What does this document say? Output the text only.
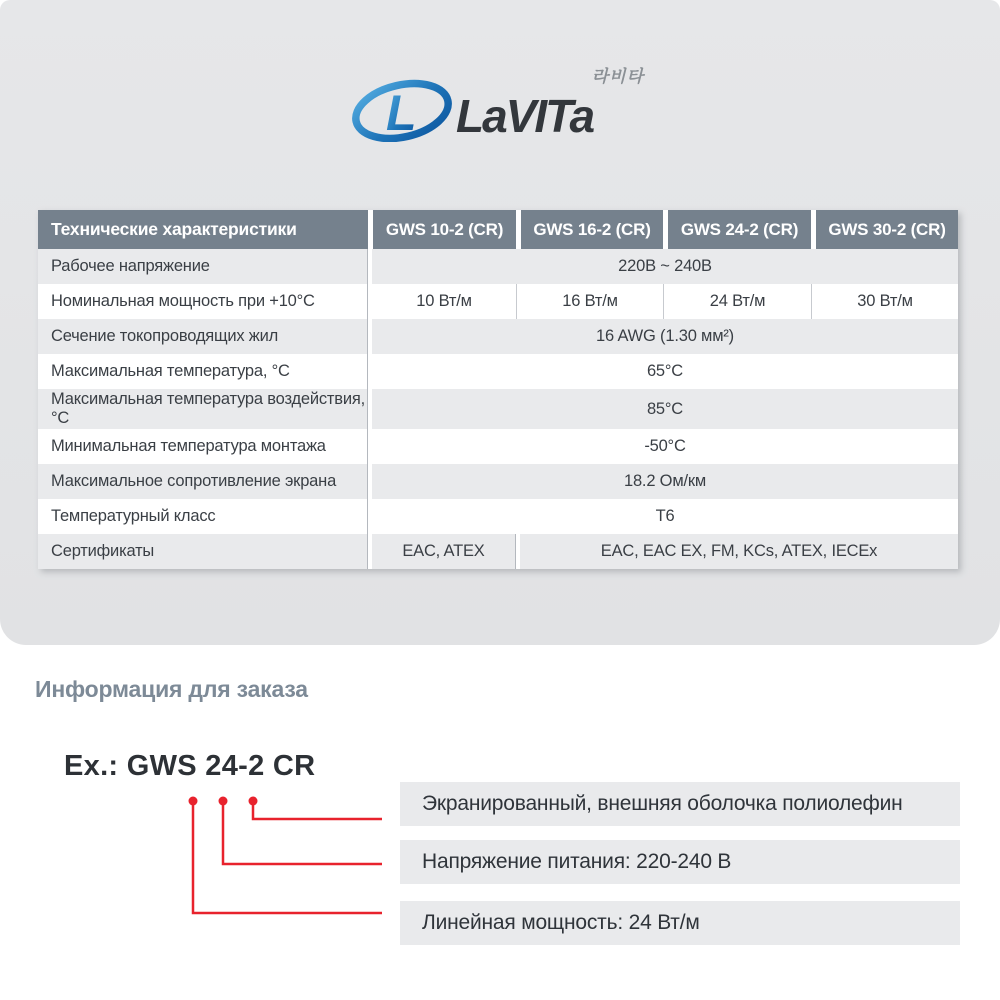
라비타
L LaVITa
Технические характеристики	GWS 10-2 (CR)	GWS 16-2 (CR)	GWS 24-2 (CR)	GWS 30-2 (CR)
Рабочее напряжение	220В ~ 240В			
Номинальная мощность при +10°С	10 Вт/м	16 Вт/м	24 Вт/м	30 Вт/м
Сечение токопроводящих жил	16 AWG (1.30 мм²)			
Максимальная температура, °С	65°С			
Максимальная температура воздействия, °С	85°С			
Минимальная температура монтажа	-50°С			
Максимальное сопротивление экрана	18.2 Ом/км			
Температурный класс	Т6			
Сертификаты	EAC, ATEX	EAC, EAC EX, FM, KCs, ATEX, IECEx		
Информация для заказа
Ex.: GWS 24-2 CR
Экранированный, внешняя оболочка полиолефин
Напряжение питания: 220-240 В
Линейная мощность: 24 Вт/м
